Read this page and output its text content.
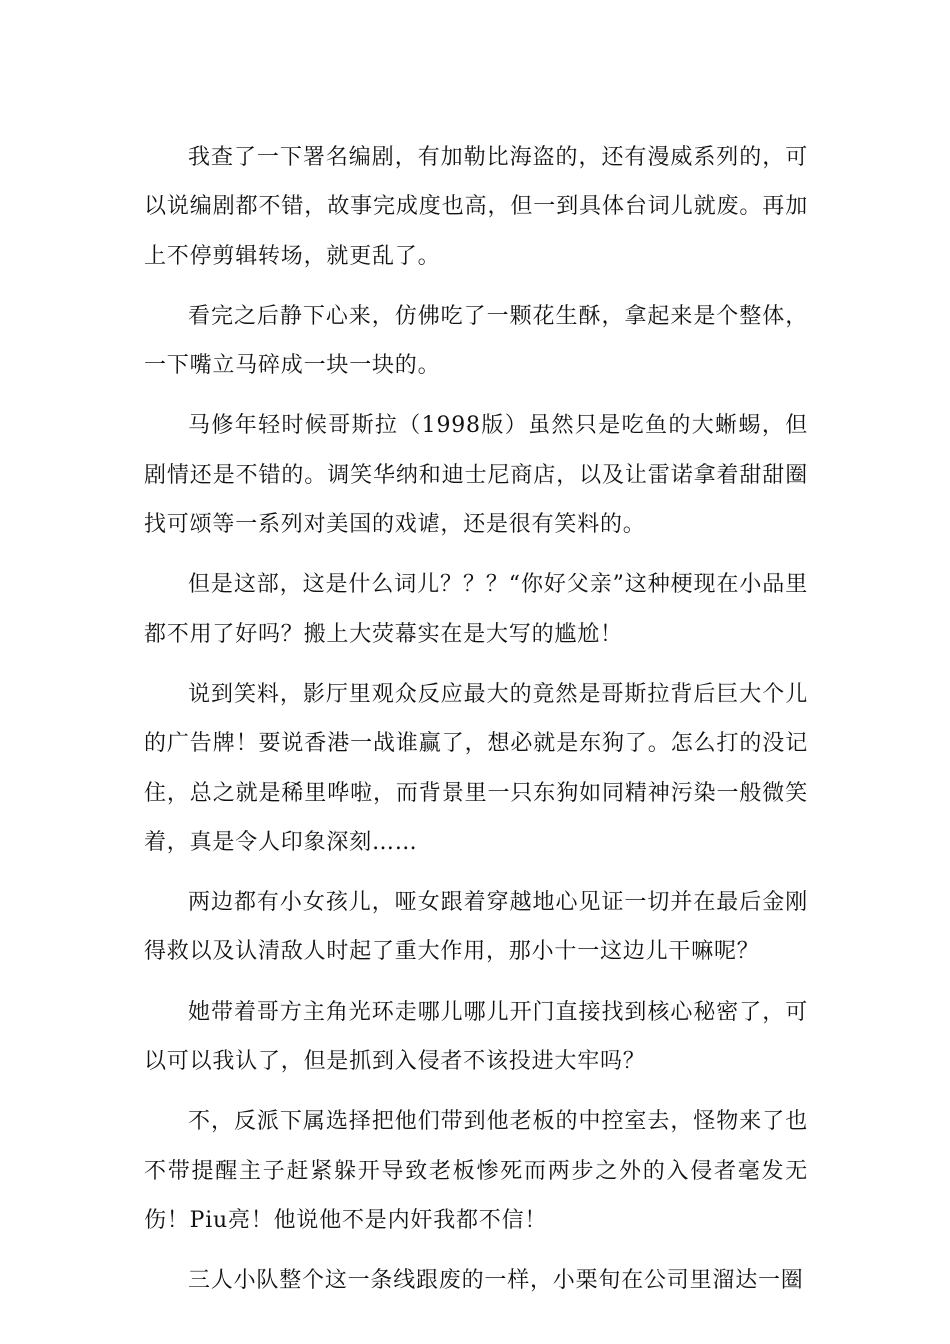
我查了一下署名编剧，有加勒比海盗的，还有漫威系列的，可以说编剧都不错，故事完成度也高，但一到具体台词儿就废。再加上不停剪辑转场，就更乱了。

看完之后静下心来，仿佛吃了一颗花生酥，拿起来是个整体，一下嘴立马碎成一块一块的。

马修年轻时候哥斯拉（1998版）虽然只是吃鱼的大蜥蜴，但剧情还是不错的。调笑华纳和迪士尼商店，以及让雷诺拿着甜甜圈找可颂等一系列对美国的戏谑，还是很有笑料的。

但是这部，这是什么词儿？？？“你好父亲”这种梗现在小品里都不用了好吗？搬上大荧幕实在是大写的尴尬！

说到笑料，影厅里观众反应最大的竟然是哥斯拉背后巨大个儿的广告牌！要说香港一战谁赢了，想必就是东狗了。怎么打的没记住，总之就是稀里哗啦，而背景里一只东狗如同精神污染一般微笑着，真是令人印象深刻……

两边都有小女孩儿，哑女跟着穿越地心见证一切并在最后金刚得救以及认清敌人时起了重大作用，那小十一这边儿干嘛呢？

她带着哥方主角光环走哪儿哪儿开门直接找到核心秘密了，可以可以我认了，但是抓到入侵者不该投进大牢吗？

不，反派下属选择把他们带到他老板的中控室去，怪物来了也不带提醒主子赶紧躲开导致老板惨死而两步之外的入侵者毫发无伤！Piu亮！他说他不是内奸我都不信！

三人小队整个这一条线跟废的一样，小栗旬在公司里溜达一圈
